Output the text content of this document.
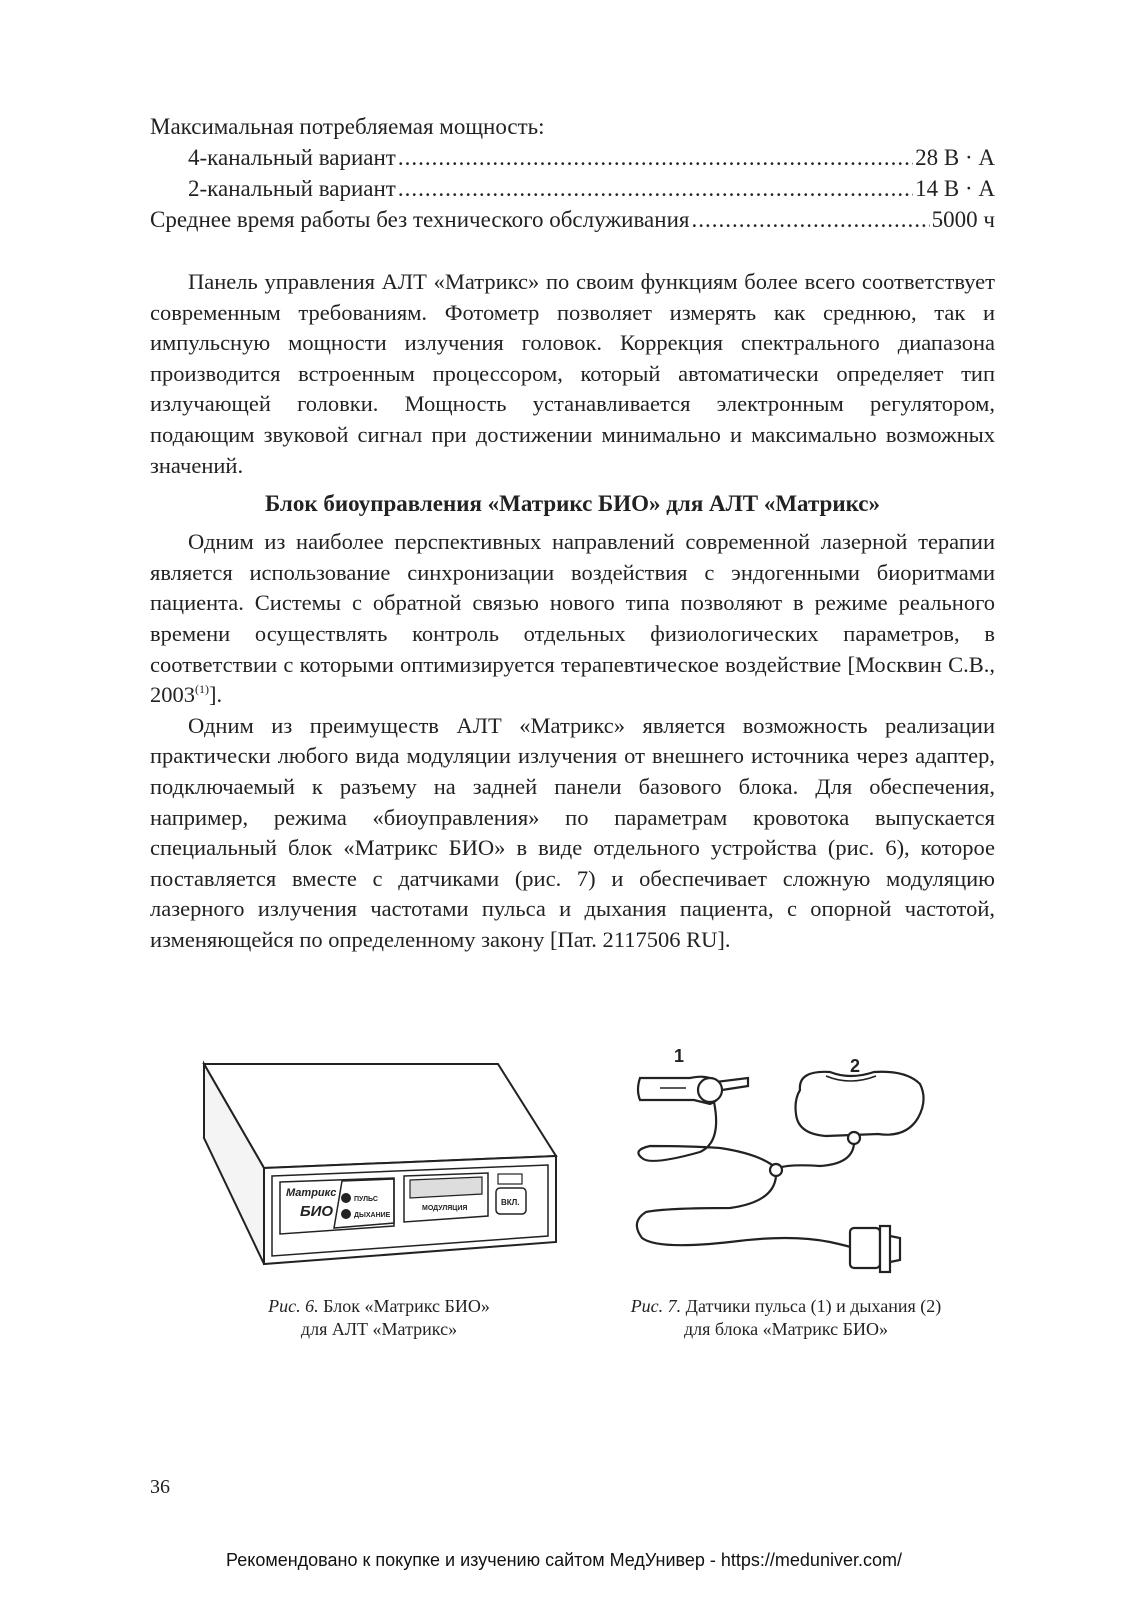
Максимальная потребляемая мощность:
4-канальный вариант .....	28 В · А
2-канальный вариант .....	14 В · А
Среднее время работы без технического обслуживания .....	5000 ч

Панель управления АЛТ «Матрикс» по своим функциям более всего соответствует современным требованиям. Фотометр позволяет измерять как среднюю, так и импульсную мощности излучения головок. Коррекция спектрального диапазона производится встроенным процессором, который автоматически определяет тип излучающей головки. Мощность устанавливается электронным регулятором, подающим звуковой сигнал при достижении минимально и максимально возможных значений.

Блок биоуправления «Матрикс БИО» для АЛТ «Матрикс»

Одним из наиболее перспективных направлений современной лазерной терапии является использование синхронизации воздействия с эндогенными биоритмами пациента. Системы с обратной связью нового типа позволяют в режиме реального времени осуществлять контроль отдельных физиологических параметров, в соответствии с которыми оптимизируется терапевтическое воздействие [Москвин С.В., 2003$^{(1)}$].

Одним из преимуществ АЛТ «Матрикс» является возможность реализации практически любого вида модуляции излучения от внешнего источника через адаптер, подключаемый к разъему на задней панели базового блока. Для обеспечения, например, режима «биоуправления» по параметрам кровотока выпускается специальный блок «Матрикс БИО» в виде отдельного устройства (рис. 6), которое поставляется вместе с датчиками (рис. 7) и обеспечивает сложную модуляцию лазерного излучения частотами пульса и дыхания пациента, с опорной частотой, изменяющейся по определенному закону [Пат. 2117506 RU].

Матрикс
БИО
ПУЛЬС
ДЫХАНИЕ
МОДУЛЯЦИЯ
ВКЛ.
1	2
Рис. 6. Блок «Матрикс БИО»
для АЛТ «Матрикс»
Рис. 7. Датчики пульса (1) и дыхания (2)
для блока «Матрикс БИО»
36
Рекомендовано к покупке и изучению сайтом МедУнивер - https://meduniver.com/
